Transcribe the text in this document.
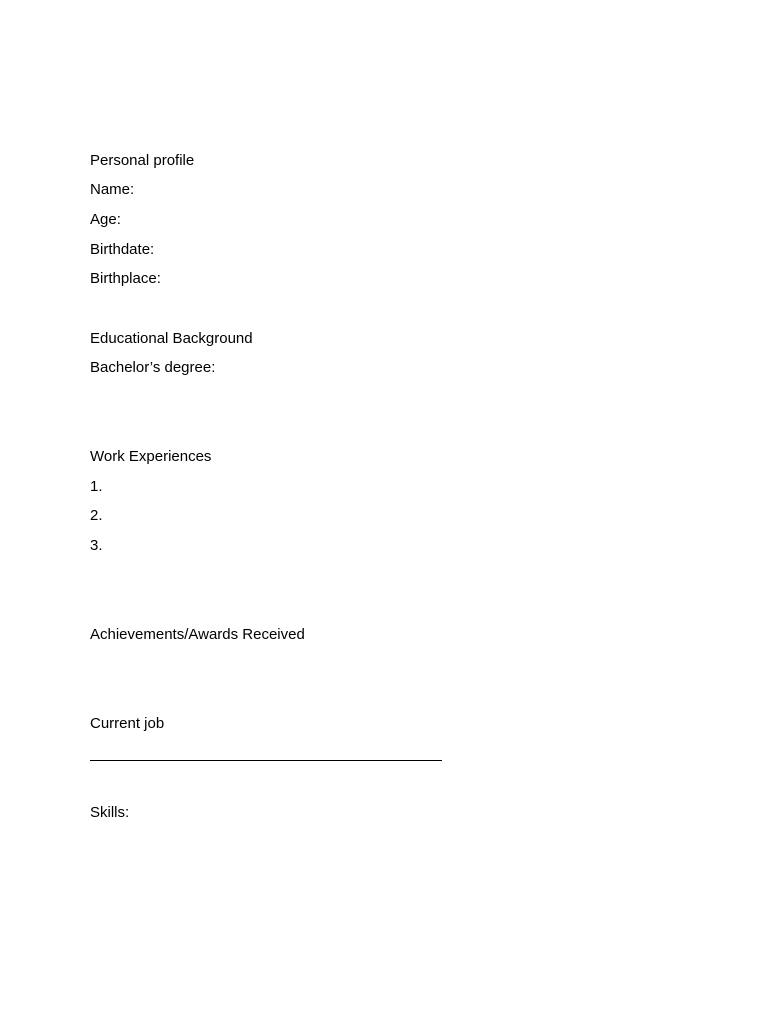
Personal profile
Name:
Age:
Birthdate:
Birthplace:
Educational Background
Bachelor’s degree:
Work Experiences
1.
2.
3.
Achievements/Awards Received
Current job
Skills:
